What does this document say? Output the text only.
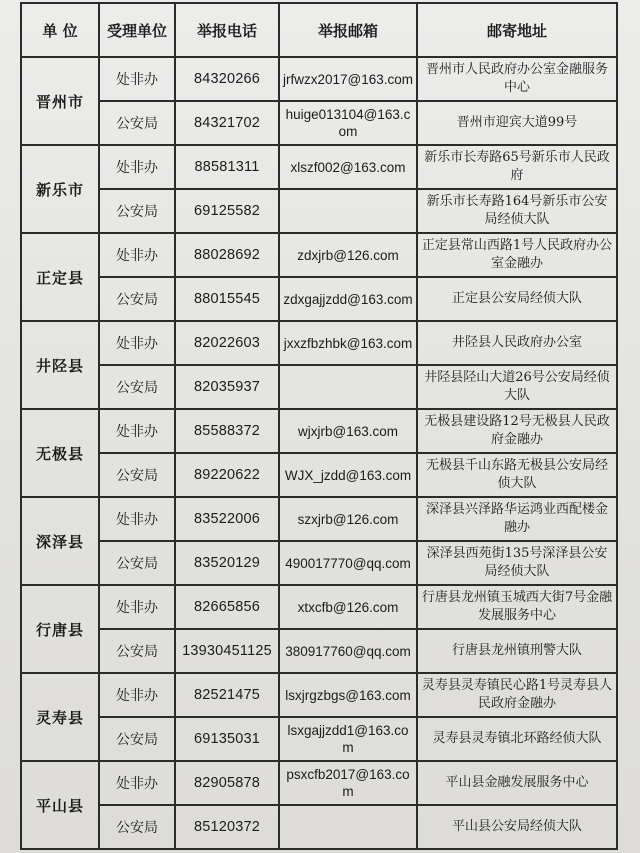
单 位	受理单位	举报电话	举报邮箱	邮寄地址
晋州市	处非办	84320266	jrfwzx2017@163.com	晋州市人民政府办公室金融服务中心
	公安局	84321702	huige013104@163.com	晋州市迎宾大道99号
新乐市	处非办	88581311	xlszf002@163.com	新乐市长寿路65号新乐市人民政府
	公安局	69125582		新乐市长寿路164号新乐市公安局经侦大队
正定县	处非办	88028692	zdxjrb@126.com	正定县常山西路1号人民政府办公室金融办
	公安局	88015545	zdxgajjzdd@163.com	正定县公安局经侦大队
井陉县	处非办	82022603	jxxzfbzhbk@163.com	井陉县人民政府办公室
	公安局	82035937		井陉县陉山大道26号公安局经侦大队
无极县	处非办	85588372	wjxjrb@163.com	无极县建设路12号无极县人民政府金融办
	公安局	89220622	WJX_jzdd@163.com	无极县千山东路无极县公安局经侦大队
深泽县	处非办	83522006	szxjrb@126.com	深泽县兴泽路华运鸿业西配楼金融办
	公安局	83520129	490017770@qq.com	深泽县西苑街135号深泽县公安局经侦大队
行唐县	处非办	82665856	xtxcfb@126.com	行唐县龙州镇玉城西大街7号金融发展服务中心
	公安局	13930451125	380917760@qq.com	行唐县龙州镇刑警大队
灵寿县	处非办	82521475	lsxjrgzbgs@163.com	灵寿县灵寿镇民心路1号灵寿县人民政府金融办
	公安局	69135031	lsxgajjzdd1@163.com	灵寿县灵寿镇北环路经侦大队
平山县	处非办	82905878	psxcfb2017@163.com	平山县金融发展服务中心
	公安局	85120372		平山县公安局经侦大队
